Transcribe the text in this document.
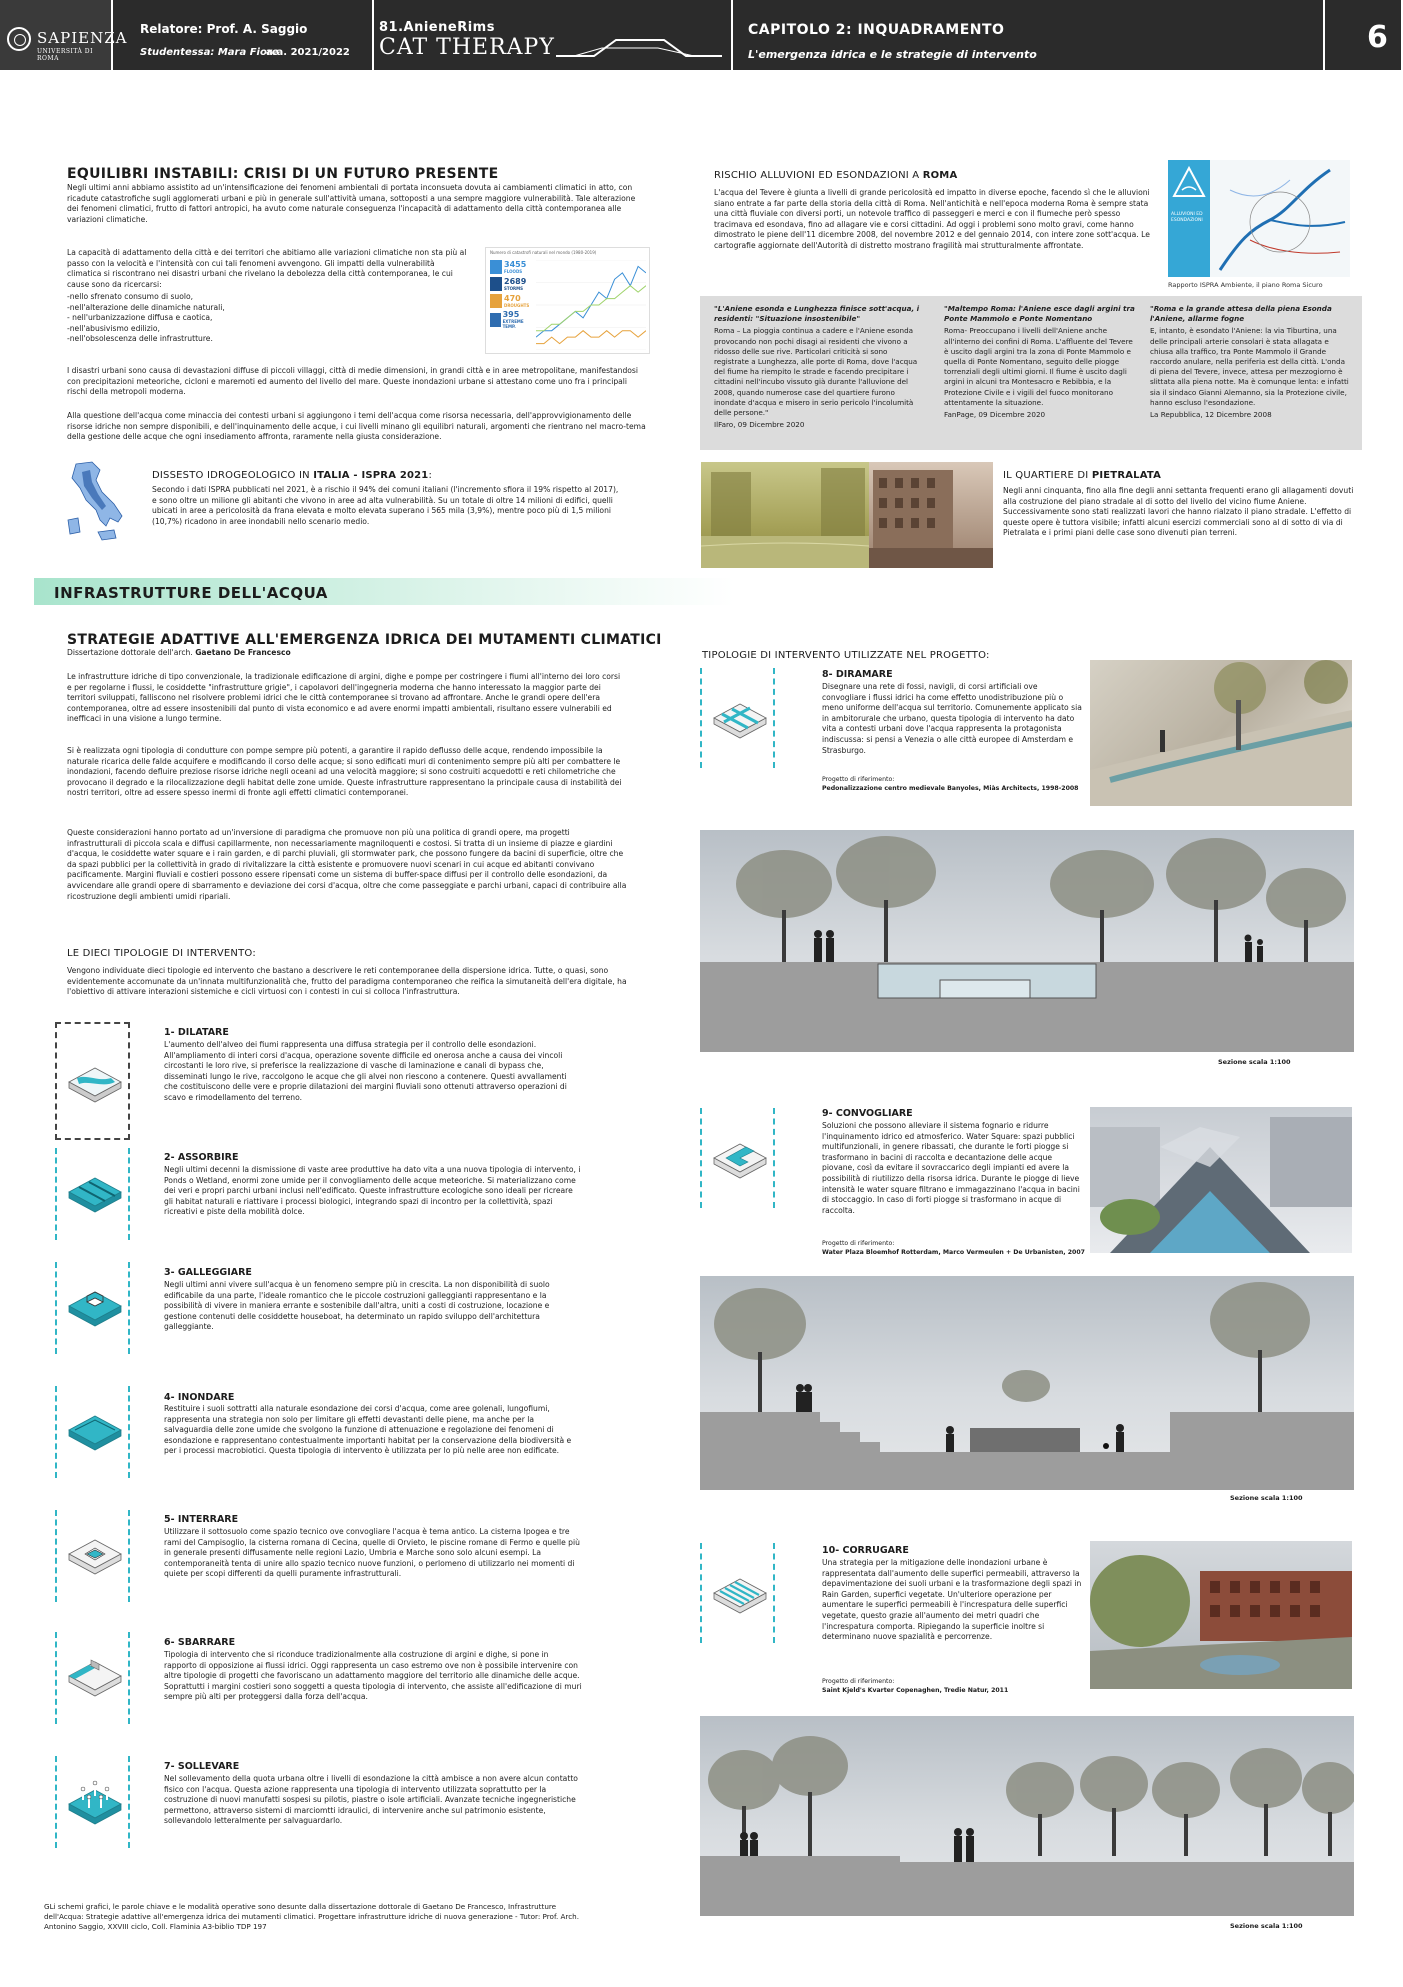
SAPIENZA
UNIVERSITÀ DI ROMA
Relatore: Prof. A. Saggio
Studentessa: Mara Fiore
a.a. 2021/2022
81.AnieneRims
CAT THERAPY
CAPITOLO 2: INQUADRAMENTO
L'emergenza idrica e le strategie di intervento	6
EQUILIBRI INSTABILI: CRISI DI UN FUTURO PRESENTE
Negli ultimi anni abbiamo assistito ad un'intensificazione dei fenomeni ambientali di portata inconsueta dovuta ai cambiamenti climatici in atto, con ricadute catastrofiche sugli agglomerati urbani e più in generale sull'attività umana, sottoposti a una sempre maggiore vulnerabilità. Tale alterazione dei fenomeni climatici, frutto di fattori antropici, ha avuto come naturale conseguenza l'incapacità di adattamento della città contemporanea alle variazioni climatiche.
La capacità di adattamento della città e dei territori che abitiamo alle variazioni climatiche non sta più al passo con la velocità e l'intensità con cui tali fenomeni avvengono. Gli impatti della vulnerabilità climatica si riscontrano nei disastri urbani che rivelano la debolezza della città contemporanea, le cui cause sono da ricercarsi:
-nello sfrenato consumo di suolo,
-nell'alterazione delle dinamiche naturali,
- nell'urbanizzazione diffusa e caotica,
-nell'abusivismo edilizio,
-nell'obsolescenza delle infrastrutture.
I disastri urbani sono causa di devastazioni diffuse di piccoli villaggi, città di medie dimensioni, in grandi città e in aree metropolitane, manifestandosi con precipitazioni meteoriche, cicloni e maremoti ed aumento del livello del mare. Queste inondazioni urbane si attestano come uno fra i principali rischi della metropoli moderna.
Alla questione dell'acqua come minaccia dei contesti urbani si aggiungono i temi dell'acqua come risorsa necessaria, dell'approvvigionamento delle risorse idriche non sempre disponibili, e dell'inquinamento delle acque, i cui livelli minano gli equilibri naturali, argomenti che rientrano nel macro-tema della gestione delle acque che ogni insediamento affronta, raramente nella giusta considerazione.
Numero di catastrofi naturali nel mondo (1980-2019)
3455
FLOODS
2689
STORMS
470
DROUGHTS
395
EXTREME TEMP.
DISSESTO IDROGEOLOGICO IN ITALIA - ISPRA 2021:
Secondo i dati ISPRA pubblicati nel 2021, è a rischio il 94% dei comuni italiani (l'incremento sfiora il 19% rispetto al 2017), e sono oltre un milione gli abitanti che vivono in aree ad alta vulnerabilità. Su un totale di oltre 14 milioni di edifici, quelli ubicati in aree a pericolosità da frana elevata e molto elevata superano i 565 mila (3,9%), mentre poco più di 1,5 milioni (10,7%) ricadono in aree inondabili nello scenario medio.
RISCHIO ALLUVIONI ED ESONDAZIONI A ROMA
L'acqua del Tevere è giunta a livelli di grande pericolosità ed impatto in diverse epoche, facendo sì che le alluvioni siano entrate a far parte della storia della città di Roma. Nell'antichità e nell'epoca moderna Roma è sempre stata una città fluviale con diversi porti, un notevole traffico di passeggeri e merci e con il fiumeche però spesso tracimava ed esondava, fino ad allagare vie e corsi cittadini. Ad oggi i problemi sono molto gravi, come hanno dimostrato le piene dell'11 dicembre 2008, del novembre 2012 e del gennaio 2014, con intere zone sott'acqua. Le cartografie aggiornate dell'Autorità di distretto mostrano fragilità mai strutturalmente affrontate.
ALLUVIONI ED ESONDAZIONI
Rapporto ISPRA Ambiente, il piano Roma Sicuro
"L'Aniene esonda e Lunghezza finisce sott'acqua, i residenti: "Situazione insostenibile"
Roma – La pioggia continua a cadere e l'Aniene esonda provocando non pochi disagi ai residenti che vivono a ridosso delle sue rive. Particolari criticità si sono registrate a Lunghezza, alle porte di Roma, dove l'acqua del fiume ha riempito le strade e facendo precipitare i cittadini nell'incubo vissuto già durante l'alluvione del 2008, quando numerose case del quartiere furono inondate d'acqua e misero in serio pericolo l'incolumità delle persone."
IlFaro, 09 Dicembre 2020
"Maltempo Roma: l'Aniene esce dagli argini tra Ponte Mammolo e Ponte Nomentano
Roma- Preoccupano i livelli dell'Aniene anche all'interno dei confini di Roma. L'affluente del Tevere è uscito dagli argini tra la zona di Ponte Mammolo e quella di Ponte Nomentano, seguito delle piogge torrenziali degli ultimi giorni. Il fiume è uscito dagli argini in alcuni tra Montesacro e Rebibbia, e la Protezione Civile e i vigili del fuoco monitorano attentamente la situazione.
FanPage, 09 Dicembre 2020
"Roma e la grande attesa della piena Esonda l'Aniene, allarme fogne
E, intanto, è esondato l'Aniene: la via Tiburtina, una delle principali arterie consolari è stata allagata e chiusa alla traffico, tra Ponte Mammolo il Grande raccordo anulare, nella periferia est della città. L'onda di piena del Tevere, invece, attesa per mezzogiorno è slittata alla piena notte. Ma è comunque lenta: e infatti sia il sindaco Gianni Alemanno, sia la Protezione civile, hanno escluso l'esondazione.
La Repubblica, 12 Dicembre 2008
IL QUARTIERE DI PIETRALATA
Negli anni cinquanta, fino alla fine degli anni settanta frequenti erano gli allagamenti dovuti alla costruzione del piano stradale al di sotto del livello del vicino fiume Aniene. Successivamente sono stati realizzati lavori che hanno rialzato il piano stradale. L'effetto di queste opere è tuttora visibile; infatti alcuni esercizi commerciali sono al di sotto di via di Pietralata e i primi piani delle case sono divenuti pian terreni.
INFRASTRUTTURE DELL'ACQUA
STRATEGIE ADATTIVE ALL'EMERGENZA IDRICA DEI MUTAMENTI CLIMATICI
Dissertazione dottorale dell'arch. Gaetano De Francesco
Le infrastrutture idriche di tipo convenzionale, la tradizionale edificazione di argini, dighe e pompe per costringere i fiumi all'interno dei loro corsi e per regolarne i flussi, le cosiddette "infrastrutture grigie", i capolavori dell'ingegneria moderna che hanno interessato la maggior parte dei territori sviluppati, falliscono nel risolvere problemi idrici che le città contemporanee si trovano ad affrontare. Anche le grandi opere dell'era contemporanea, oltre ad essere insostenibili dal punto di vista economico e ad avere enormi impatti ambientali, risultano essere vulnerabili ed inefficaci in una visione a lungo termine.
Si è realizzata ogni tipologia di condutture con pompe sempre più potenti, a garantire il rapido deflusso delle acque, rendendo impossibile la naturale ricarica delle falde acquifere e modificando il corso delle acque; si sono edificati muri di contenimento sempre più alti per combattere le inondazioni, facendo defluire preziose risorse idriche negli oceani ad una velocità maggiore; si sono costruiti acquedotti e reti chilometriche che provocano il degrado e la rilocalizzazione degli habitat delle zone umide. Queste infrastrutture rappresentano la principale causa di instabilità dei nostri territori, oltre ad essere spesso inermi di fronte agli effetti climatici contemporanei.
Queste considerazioni hanno portato ad un'inversione di paradigma che promuove non più una politica di grandi opere, ma progetti infrastrutturali di piccola scala e diffusi capillarmente, non necessariamente magniloquenti e costosi. Si tratta di un insieme di piazze e giardini d'acqua, le cosiddette water square e i rain garden, e di parchi pluviali, gli stormwater park, che possono fungere da bacini di superficie, oltre che da spazi pubblici per la collettività in grado di rivitalizzare la città esistente e promuovere nuovi scenari in cui acque ed abitanti convivano pacificamente. Margini fluviali e costieri possono essere ripensati come un sistema di buffer-space diffusi per il controllo delle esondazioni, da avvicendare alle grandi opere di sbarramento e deviazione dei corsi d'acqua, oltre che come passeggiate e parchi urbani, capaci di contribuire alla ricostruzione degli ambienti umidi ripariali.
LE DIECI TIPOLOGIE DI INTERVENTO:
Vengono individuate dieci tipologie ed intervento che bastano a descrivere le reti contemporanee della dispersione idrica. Tutte, o quasi, sono evidentemente accomunate da un'innata multifunzionalità che, frutto del paradigma contemporaneo che reifica la simutaneità dell'era digitale, ha l'obiettivo di attivare interazioni sistemiche e cicli virtuosi con i contesti in cui si colloca l'infrastruttura.
1- DILATARE
L'aumento dell'alveo dei fiumi rappresenta una diffusa strategia per il controllo delle esondazioni. All'ampliamento di interi corsi d'acqua, operazione sovente difficile ed onerosa anche a causa dei vincoli circostanti le loro rive, si preferisce la realizzazione di vasche di laminazione e canali di bypass che, disseminati lungo le rive, raccolgono le acque che gli alvei non riescono a contenere. Questi avvallamenti che costituiscono delle vere e proprie dilatazioni dei margini fluviali sono ottenuti attraverso operazioni di scavo e rimodellamento del terreno.
2- ASSORBIRE
Negli ultimi decenni la dismissione di vaste aree produttive ha dato vita a una nuova tipologia di intervento, i Ponds o Wetland, enormi zone umide per il convogliamento delle acque meteoriche. Si materializzano come dei veri e propri parchi urbani inclusi nell'edificato. Queste infrastrutture ecologiche sono ideali per ricreare gli habitat naturali e riattivare i processi biologici, integrando spazi di incontro per la collettività, spazi ricreativi e piste della mobilità dolce.
3- GALLEGGIARE
Negli ultimi anni vivere sull'acqua è un fenomeno sempre più in crescita. La non disponibilità di suolo edificabile da una parte, l'ideale romantico che le piccole costruzioni galleggianti rappresentano e la possibilità di vivere in maniera errante e sostenibile dall'altra, uniti a costi di costruzione, locazione e gestione contenuti delle cosiddette houseboat, ha determinato un rapido sviluppo dell'architettura galleggiante.
4- INONDARE
Restituire i suoli sottratti alla naturale esondazione dei corsi d'acqua, come aree golenali, lungofiumi, rappresenta una strategia non solo per limitare gli effetti devastanti delle piene, ma anche per la salvaguardia delle zone umide che svolgono la funzione di attenuazione e regolazione dei fenomeni di esondazione e rappresentano contestualmente importanti habitat per la conservazione della biodiversità e per i processi macrobiotici. Questa tipologia di intervento è utilizzata per lo più nelle aree non edificate.
5- INTERRARE
Utilizzare il sottosuolo come spazio tecnico ove convogliare l'acqua è tema antico. La cisterna Ipogea e tre rami del Campisoglio, la cisterna romana di Cecina, quelle di Orvieto, le piscine romane di Fermo e quelle più in generale presenti diffusamente nelle regioni Lazio, Umbria e Marche sono solo alcuni esempi. La contemporaneità tenta di unire allo spazio tecnico nuove funzioni, o perlomeno di utilizzarlo nei momenti di quiete per scopi differenti da quelli puramente infrastrutturali.
6- SBARRARE
Tipologia di intervento che si riconduce tradizionalmente alla costruzione di argini e dighe, si pone in rapporto di opposizione ai flussi idrici. Oggi rappresenta un caso estremo ove non è possibile intervenire con altre tipologie di progetti che favoriscano un adattamento maggiore del territorio alle dinamiche delle acque. Soprattutti i margini costieri sono soggetti a questa tipologia di intervento, che assiste all'edificazione di muri sempre più alti per proteggersi dalla forza dell'acqua.
7- SOLLEVARE
Nel sollevamento della quota urbana oltre i livelli di esondazione la città ambisce a non avere alcun contatto fisico con l'acqua. Questa azione rappresenta una tipologia di intervento utilizzata soprattutto per la costruzione di nuovi manufatti sospesi su pilotis, piastre o isole artificiali. Avanzate tecniche ingegneristiche permettono, attraverso sistemi di marciomtti idraulici, di intervenire anche sul patrimonio esistente, sollevandolo letteralmente per salvaguardarlo.
GLi schemi grafici, le parole chiave e le modalità operative sono desunte dalla dissertazione dottorale di Gaetano De Francesco, Infrastrutture dell'Acqua: Strategie adattive all'emergenza idrica dei mutamenti climatici. Progettare infrastrutture idriche di nuova generazione - Tutor: Prof. Arch. Antonino Saggio, XXVIII ciclo, Coll. Flaminia A3-biblio TDP 197
TIPOLOGIE DI INTERVENTO UTILIZZATE NEL PROGETTO:
8- DIRAMARE
Disegnare una rete di fossi, navigli, di corsi artificiali ove convogliare i flussi idrici ha come effetto unodistribuzione più o meno uniforme dell'acqua sul territorio. Comunemente applicato sia in ambitorurale che urbano, questa tipologia di intervento ha dato vita a contesti urbani dove l'acqua rappresenta la protagonista indiscussa: si pensi a Venezia o alle città europee di Amsterdam e Strasburgo.
Progetto di riferimento:
Pedonalizzazione centro medievale Banyoles, Miàs Architects, 1998-2008
Sezione scala 1:100
9- CONVOGLIARE
Soluzioni che possono alleviare il sistema fognario e ridurre l'inquinamento idrico ed atmosferico. Water Square: spazi pubblici multifunzionali, in genere ribassati, che durante le forti piogge si trasformano in bacini di raccolta e decantazione delle acque piovane, così da evitare il sovraccarico degli impianti ed avere la possibilità di riutilizzo della risorsa idrica. Durante le piogge di lieve intensità le water square filtrano e immagazzinano l'acqua in bacini di stoccaggio. In caso di forti piogge si trasformano in acque di raccolta.
Progetto di riferimento:
Water Plaza Bloemhof Rotterdam, Marco Vermeulen + De Urbanisten, 2007
Sezione scala 1:100
10- CORRUGARE
Una strategia per la mitigazione delle inondazioni urbane è rappresentata dall'aumento delle superfici permeabili, attraverso la depavimentazione dei suoli urbani e la trasformazione degli spazi in Rain Garden, superfici vegetate. Un'ulteriore operazione per aumentare le superfici permeabili è l'increspatura delle superfici vegetate, questo grazie all'aumento dei metri quadri che l'increspatura comporta. Ripiegando la superficie inoltre si determinano nuove spazialità e percorrenze.
Progetto di riferimento:
Saint Kjeld's Kvarter Copenaghen, Tredie Natur, 2011
Sezione scala 1:100
